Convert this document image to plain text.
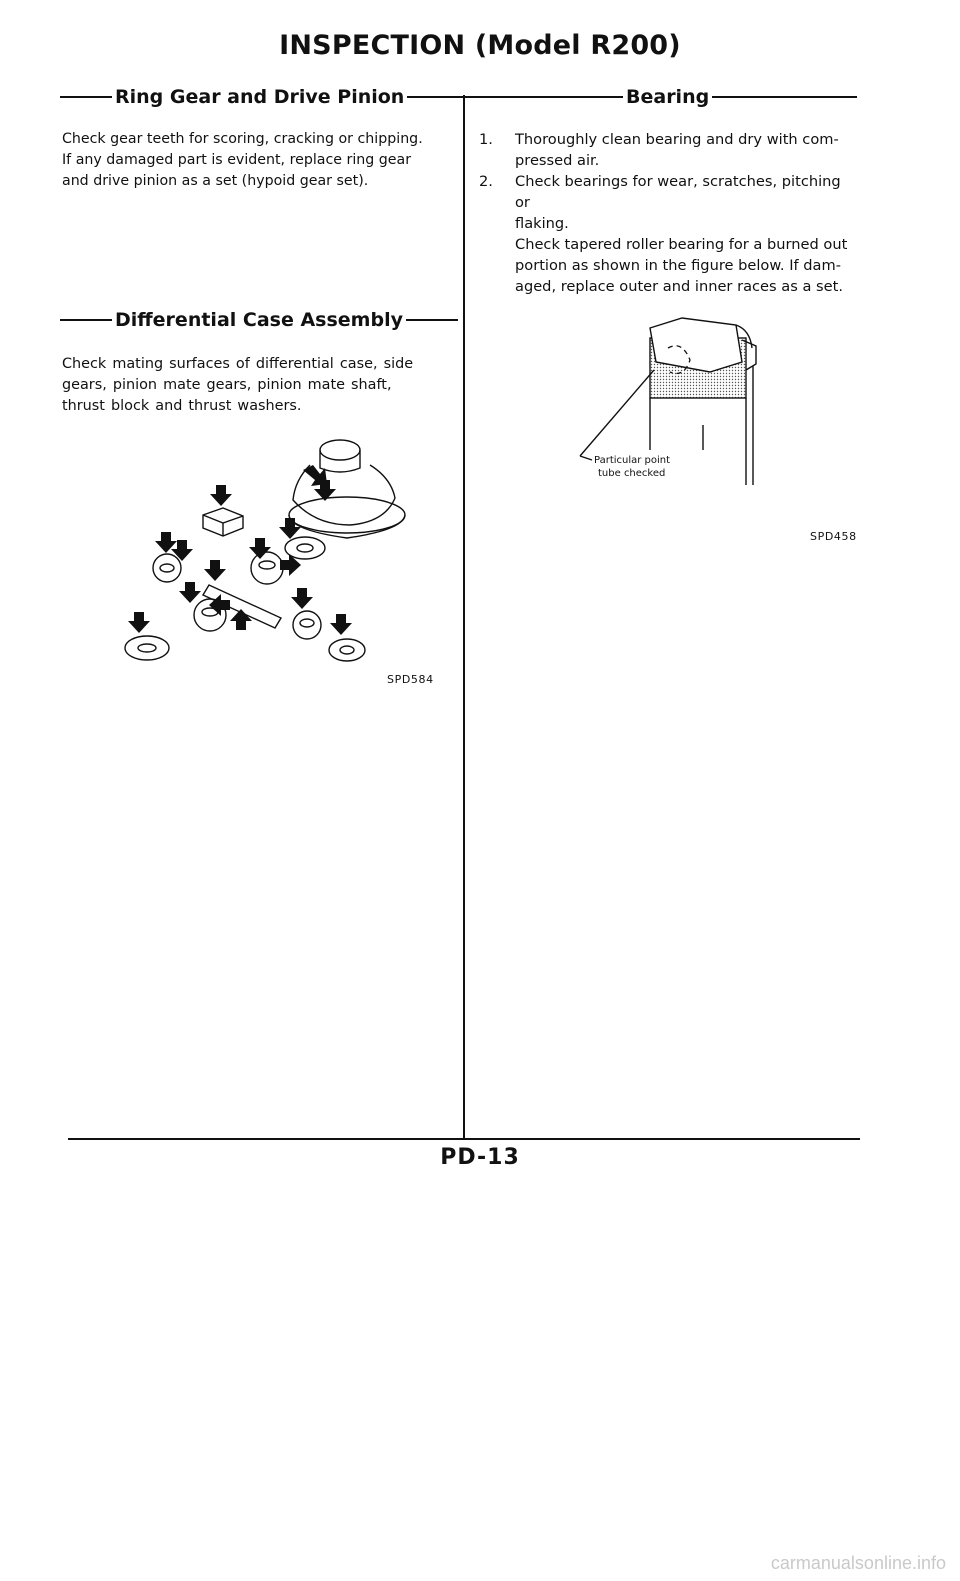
INSPECTION (Model R200)
Ring Gear and Drive Pinion	Bearing
Check gear teeth for scoring, cracking or chipping.
If any damaged part is evident, replace ring gear
and drive pinion as a set (hypoid gear set).
Differential Case Assembly
Check mating surfaces of differential case, side
gears, pinion mate gears, pinion mate shaft,
thrust block and thrust washers.
SPD584
1. Thoroughly clean bearing and dry with com-
pressed air.
2. Check bearings for wear, scratches, pitching or
flaking.
Check tapered roller bearing for a burned out
portion as shown in the figure below. If dam-
aged, replace outer and inner races as a set.
Particular point
tube checked
SPD458
PD-13
carmanualsonline.info
